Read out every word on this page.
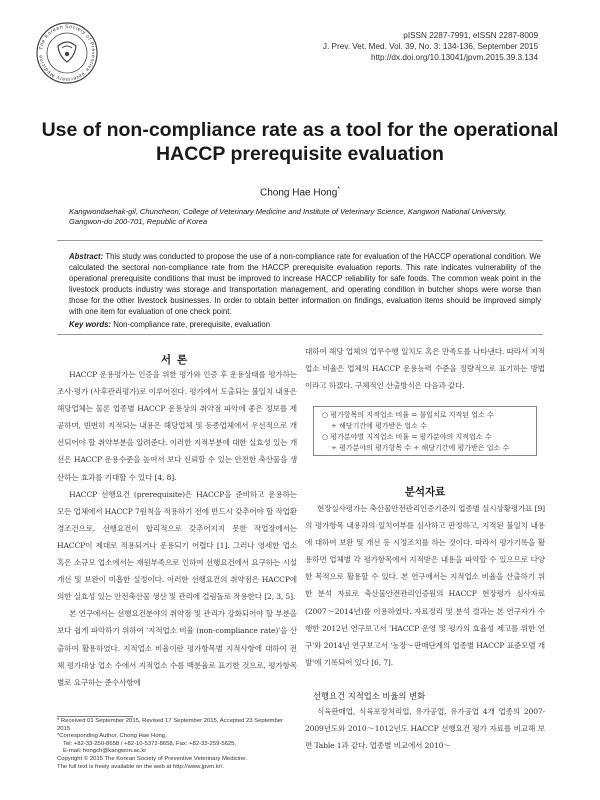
The Korean Society of Preventive Veterinary Medicine
pISSN 2287-7991, eISSN 2287-8009
J. Prev. Vet. Med. Vol. 39, No. 3: 134-136, September 2015
http://dx.doi.org/10.13041/jpvm.2015.39.3.134
Use of non-compliance rate as a tool for the operational
HACCP prerequisite evaluation
Chong Hae Hong*
Kangwondaehak-gil, Chuncheon, College of Veterinary Medicine and Institute of Veterinary Science, Kangwon National University,
Gangwon-do 200-701, Republic of Korea
Abstract: This study was conducted to propose the use of a non-compliance rate for evaluation of the HACCP operational condition. We calculated the sectoral non-compliance rate from the HACCP prerequisite evaluation reports. This rate indicates vulnerability of the operational prerequisite conditions that must be improved to increase HACCP reliability for safe foods. The common weak point in the livestock products industry was storage and transportation management, and operating condition in butcher shops were worse than those for the other livestock businesses. In order to obtain better information on findings, evaluation items should be improved simply with one item for evaluation of one check point.
Key words: Non-compliance rate, prerequisite, evaluation
서론

HACCP 운용평가는 인증을 위한 평가와 인증 후 운용상태를 평가하는 조사·평가 (사후관리평가)로 이루어진다. 평가에서 도출되는 불일치 내용은 해당업체는 물론 업종별 HACCP 운용상의 취약점 파악에 좋은 정보를 제공하며, 빈번히 지적되는 내용은 해당업체 및 동종업체에서 우선적으로 개선되어야 할 취약부분을 알려준다. 이러한 지적부분에 대한 실효성 있는 개선은 HACCP 운용수준을 높여서 보다 신뢰할 수 있는 안전한 축산물을 생산하는 효과를 기대할 수 있다 [4, 8].

HACCP 선행요건 (prerequisite)은 HACCP을 준비하고 운용하는 모든 업체에서 HACCP 7원칙을 적용하기 전에 반드시 갖추어야 할 작업환경조건으로, 선행요건이 합리적으로 갖추어지지 못한 작업장에서는 HACCP이 제대로 적용되거나 운용되기 어렵다 [1]. 그러나 영세한 업소 혹은 소규모 업소에서는 재원부족으로 인하여 선행요건에서 요구하는 시설개선 및 보완이 미흡한 실정이다. 이러한 선행요건의 취약점은 HACCP에 의한 실효성 있는 안전축산물 생산 및 관리에 걸림돌로 작용한다 [2, 3, 5].

본 연구에서는 선행요건분야의 취약점 및 관리가 강화되어야 할 부분을 보다 쉽게 파악하기 위하여 '지적업소 비율 (non-compliance rate)'을 산출하여 활용하였다. 지적업소 비율이란 평가항목별 지적사항에 대하여 전체 평가대상 업소 수에서 지적업소 수를 백분율로 표기한 것으로, 평가항목별로 요구하는 준수사항에

대하여 해당 업체의 업무수행 일치도 혹은 만족도를 나타낸다. 따라서 지적업소 비율은 업체의 HACCP 운용능력 수준을 정량적으로 표기하는 방법이라고 하겠다. 구체적인 산출방식은 다음과 같다.

○ 평가항목의 지적업소 비율 = 불일치로 지적된 업소 수
÷ 해당기간에 평가받은 업소 수
○ 평가분야별 지적업소 비율 = 평가분야의 지적업소 수
÷ 평가분야의 평가항목 수 ÷ 해당기간에 평가받은 업소 수
분석자료

현장실사평가는 축산물안전관리인증기준의 업종별 실시상황평가표 [9]의 평가항목 내용과의 일치여부를 심사하고 판정하고, 지적된 불일치 내용에 대하여 보완 및 개선 등 시정조치를 하는 것이다. 따라서 평가기록을 활용하면 업체별 각 평가항목에서 지적받은 내용을 파악할 수 있으므로 다양한 목적으로 활용할 수 있다. 본 연구에서는 지적업소 비율을 산출하기 위한 분석 자료로 축산물안전관리인증원의 HACCP 현장평가 심사자료(2007～2014년)를 이용하였다. 자료정리 및 분석 결과는 본 연구자가 수행한 2012년 연구보고서 'HACCP 운영 및 평가의 효율성 제고를 위한 연구'와 2014년 연구보고서 '농장～판매단계의 업종별 HACCP 표준모델 개발'에 기록되어 있다 [6, 7].

선행요건 지적업소 비율의 변화

식육판매업, 식육포장처리업, 유가공업, 유가공업 4개 업종의 2007-2009년도와 2010～1012년도 HACCP 선행요건 평가 자료를 비교해 보면 Table 1과 같다. 업종별 비교에서 2010～

* Received 01 September 2015, Revised 17 September 2015, Accepted 23 September 2015
*Corresponding Author, Chong Hae Hong,
Tel: +82-33-250-8658 / +82-10-5372-8658, Fax: +82-33-259-5625,
E-mail: hongch@kangwon.ac.kr
Copyright © 2015 The Korean Society of Preventive Veterinary Medicine.
The full text is freely available on the web at http://www.jpvm.kr/.
